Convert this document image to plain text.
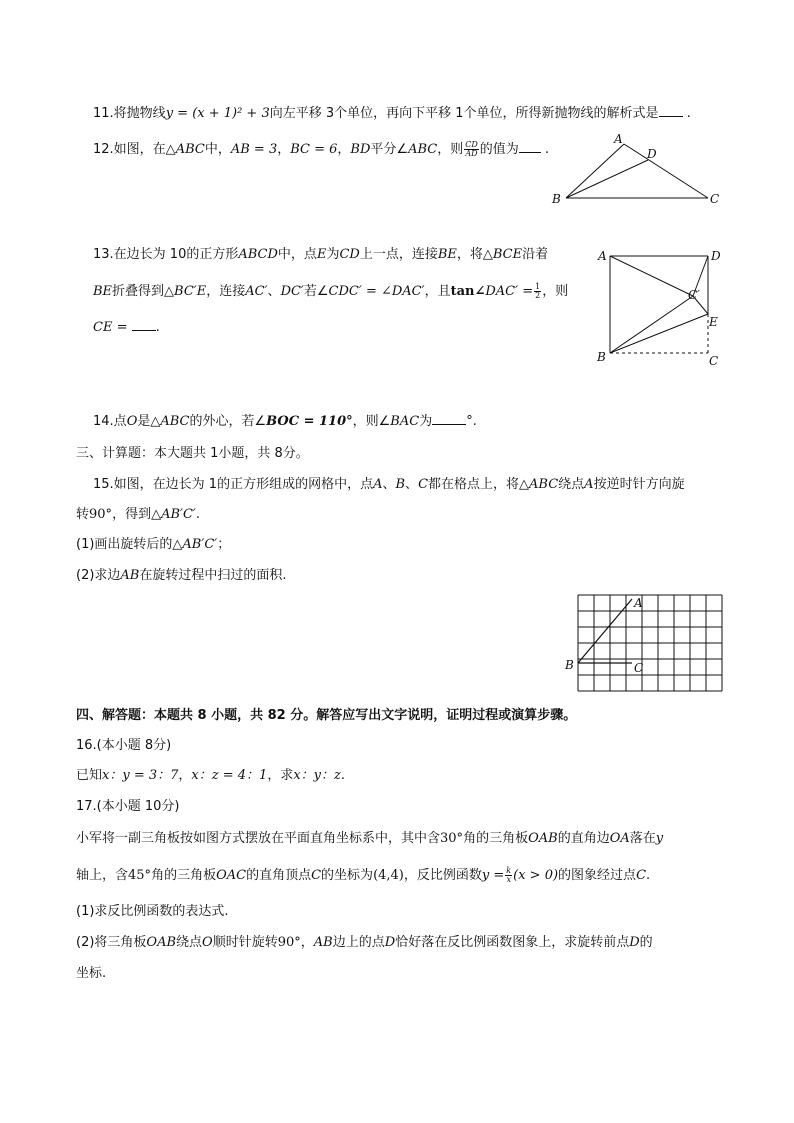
11.将抛物线y = (x + 1)² + 3向左平移 3个单位，再向下平移 1个单位，所得新抛物线的解析式是 .
12.如图，在△ABC中，AB = 3，BC = 6，BD平分∠ABC，则 $\frac{CD}{AD}$ 的值为 .
A
D
B	C
13.在边长为 10的正方形ABCD中，点E为CD上一点，连接BE，将△BCE沿着
BE折叠得到△BC′E，连接AC′、DC′若∠CDC′ = ∠DAC′，且tan∠DAC′ = $\frac{1}{2}$ ，则
CE = .
A	D
C′
E
B	C
14.点O是△ABC的外心，若∠BOC = 110°，则∠BAC为	°.
三、计算题：本大题共 1小题，共 8分。
15.如图，在边长为 1的正方形组成的网格中，点A、B、C都在格点上，将△ABC绕点A按逆时针方向旋
转90°，得到△AB′C′.
(1)画出旋转后的△AB′C′；
(2)求边AB在旋转过程中扫过的面积.
A
B	C
四、解答题：本题共 8 小题，共 82 分。解答应写出文字说明，证明过程或演算步骤。
16.(本小题 8分)
已知x：y = 3：7，x：z = 4：1，求x：y：z.
17.(本小题 10分)
小军将一副三角板按如图方式摆放在平面直角坐标系中，其中含30°角的三角板OAB的直角边OA落在y
轴上，含45°角的三角板OAC的直角顶点C的坐标为(4,4)，反比例函数$y = \frac{k}{x} (x > 0)$的图象经过点C.
(1)求反比例函数的表达式.
(2)将三角板OAB绕点O顺时针旋转90°，AB边上的点D恰好落在反比例函数图象上，求旋转前点D的
坐标.
